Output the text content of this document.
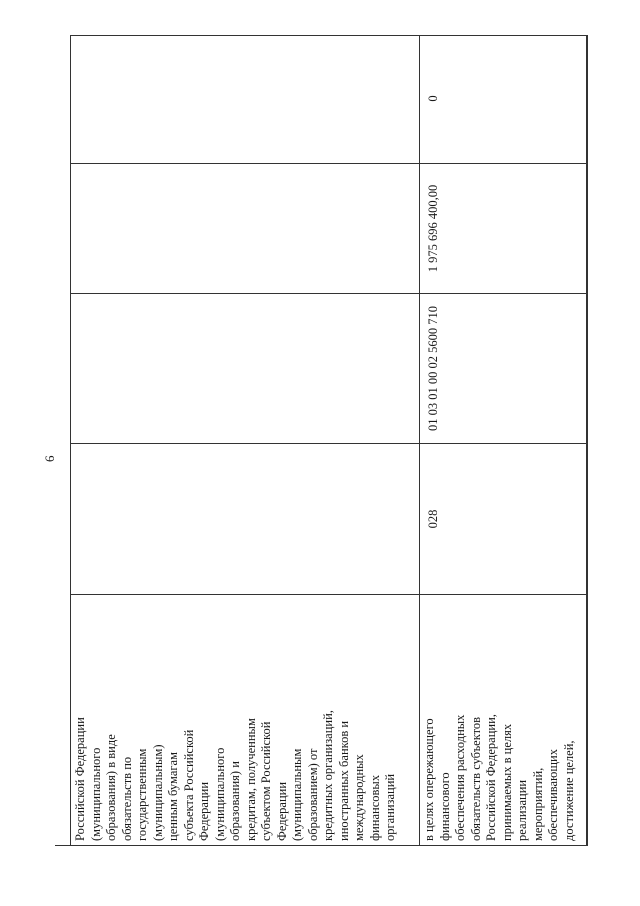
6
Российской Федерации
(муниципального
образования) в виде
обязательств по
государственным
(муниципальным)
ценным бумагам
субъекта Российской
Федерации
(муниципального
образования) и
кредитам, полученным
субъектом Российской
Федерации
(муниципальным
образованием) от
кредитных организаций,
иностранных банков и
международных
финансовых
организаций в целях опережающего
финансового
обеспечения расходных
обязательств субъектов
Российской Федерации,
принимаемых в целях
реализации
мероприятий,
обеспечивающих
достижение целей,
028
01 03 01 00 02 5600 710
1 975 696 400,00
0
